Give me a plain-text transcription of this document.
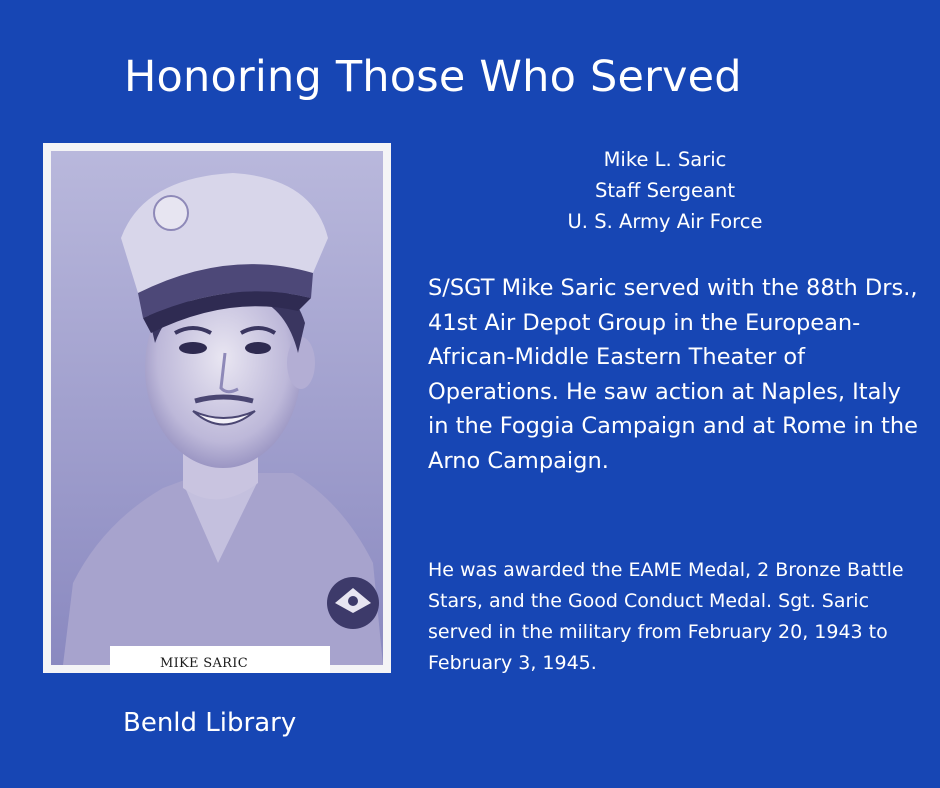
Honoring Those Who Served
MIKE SARIC
Benld Library
Mike L. Saric
Staff Sergeant
U. S. Army Air Force
S/SGT Mike Saric served with the 88th Drs., 41st Air Depot Group in the European-African-Middle Eastern Theater of Operations. He saw action at Naples, Italy in the Foggia Campaign and at Rome in the Arno Campaign.
He was awarded the EAME Medal, 2 Bronze Battle Stars, and the Good Conduct Medal. Sgt. Saric served in the military from February 20, 1943 to February 3, 1945.
